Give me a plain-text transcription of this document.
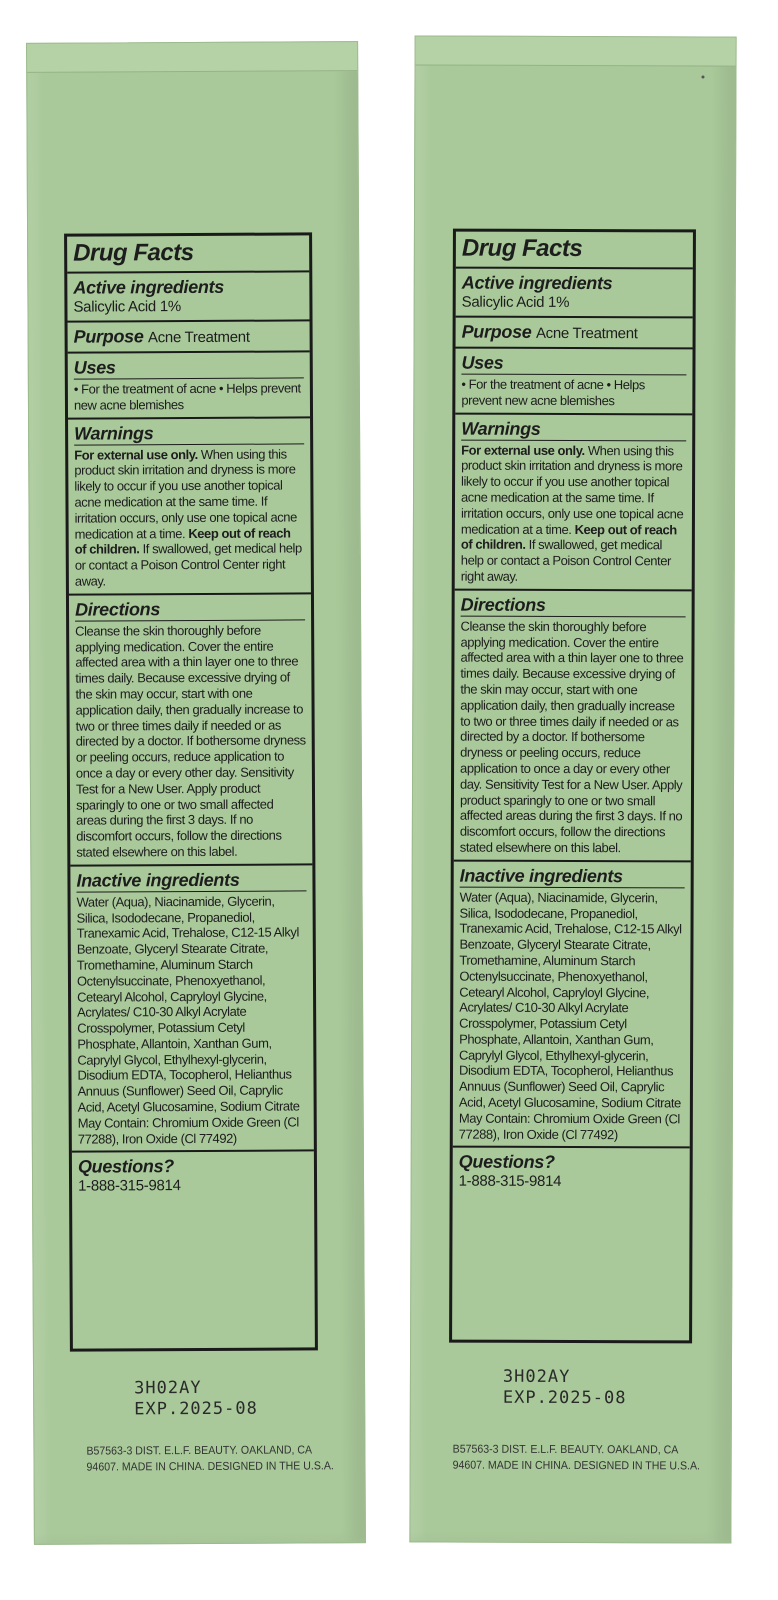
Drug Facts
Active ingredients
Salicylic Acid 1%
Purpose Acne Treatment
Uses
• For the treatment of acne • Helps prevent new acne blemishes
Warnings
For external use only. When using this product skin irritation and dryness is more likely to occur if you use another topical acne medication at the same time. If irritation occurs, only use one topical acne medication at a time. Keep out of reach of children. If swallowed, get medical help or contact a Poison Control Center right away.
Directions
Cleanse the skin thoroughly before applying medication. Cover the entire affected area with a thin layer one to three times daily. Because excessive drying of the skin may occur, start with one application daily, then gradually increase to two or three times daily if needed or as directed by a doctor. If bothersome dryness or peeling occurs, reduce application to once a day or every other day. Sensitivity Test for a New User. Apply product sparingly to one or two small affected areas during the first 3 days. If no discomfort occurs, follow the directions stated elsewhere on this label.
Inactive ingredients
Water (Aqua), Niacinamide, Glycerin, Silica, Isododecane, Propanediol, Tranexamic Acid, Trehalose, C12-15 Alkyl Benzoate, Glyceryl Stearate Citrate, Tromethamine, Aluminum Starch Octenylsuccinate, Phenoxyethanol, Cetearyl Alcohol, Capryloyl Glycine, Acrylates/ C10-30 Alkyl Acrylate Crosspolymer, Potassium Cetyl Phosphate, Allantoin, Xanthan Gum, Caprylyl Glycol, Ethylhexyl-glycerin, Disodium EDTA, Tocopherol, Helianthus Annuus (Sunflower) Seed Oil, Caprylic Acid, Acetyl Glucosamine, Sodium Citrate May Contain: Chromium Oxide Green (Cl 77288), Iron Oxide (Cl 77492)
Questions?
1-888-315-9814
3H02AY
EXP.2025-08
B57563-3 DIST. E.L.F. BEAUTY. OAKLAND, CA
94607. MADE IN CHINA. DESIGNED IN THE U.S.A.
Drug Facts
Active ingredients
Salicylic Acid 1%
Purpose Acne Treatment
Uses
• For the treatment of acne • Helps prevent new acne blemishes
Warnings
For external use only. When using this product skin irritation and dryness is more likely to occur if you use another topical acne medication at the same time. If irritation occurs, only use one topical acne medication at a time. Keep out of reach of children. If swallowed, get medical help or contact a Poison Control Center right away.
Directions
Cleanse the skin thoroughly before applying medication. Cover the entire affected area with a thin layer one to three times daily. Because excessive drying of the skin may occur, start with one application daily, then gradually increase to two or three times daily if needed or as directed by a doctor. If bothersome dryness or peeling occurs, reduce application to once a day or every other day. Sensitivity Test for a New User. Apply product sparingly to one or two small affected areas during the first 3 days. If no discomfort occurs, follow the directions stated elsewhere on this label.
Inactive ingredients
Water (Aqua), Niacinamide, Glycerin, Silica, Isododecane, Propanediol, Tranexamic Acid, Trehalose, C12-15 Alkyl Benzoate, Glyceryl Stearate Citrate, Tromethamine, Aluminum Starch Octenylsuccinate, Phenoxyethanol, Cetearyl Alcohol, Capryloyl Glycine, Acrylates/ C10-30 Alkyl Acrylate Crosspolymer, Potassium Cetyl Phosphate, Allantoin, Xanthan Gum, Caprylyl Glycol, Ethylhexyl-glycerin, Disodium EDTA, Tocopherol, Helianthus Annuus (Sunflower) Seed Oil, Caprylic Acid, Acetyl Glucosamine, Sodium Citrate May Contain: Chromium Oxide Green (Cl 77288), Iron Oxide (Cl 77492)
Questions?
1-888-315-9814
3H02AY
EXP.2025-08
B57563-3 DIST. E.L.F. BEAUTY. OAKLAND, CA
94607. MADE IN CHINA. DESIGNED IN THE U.S.A.
